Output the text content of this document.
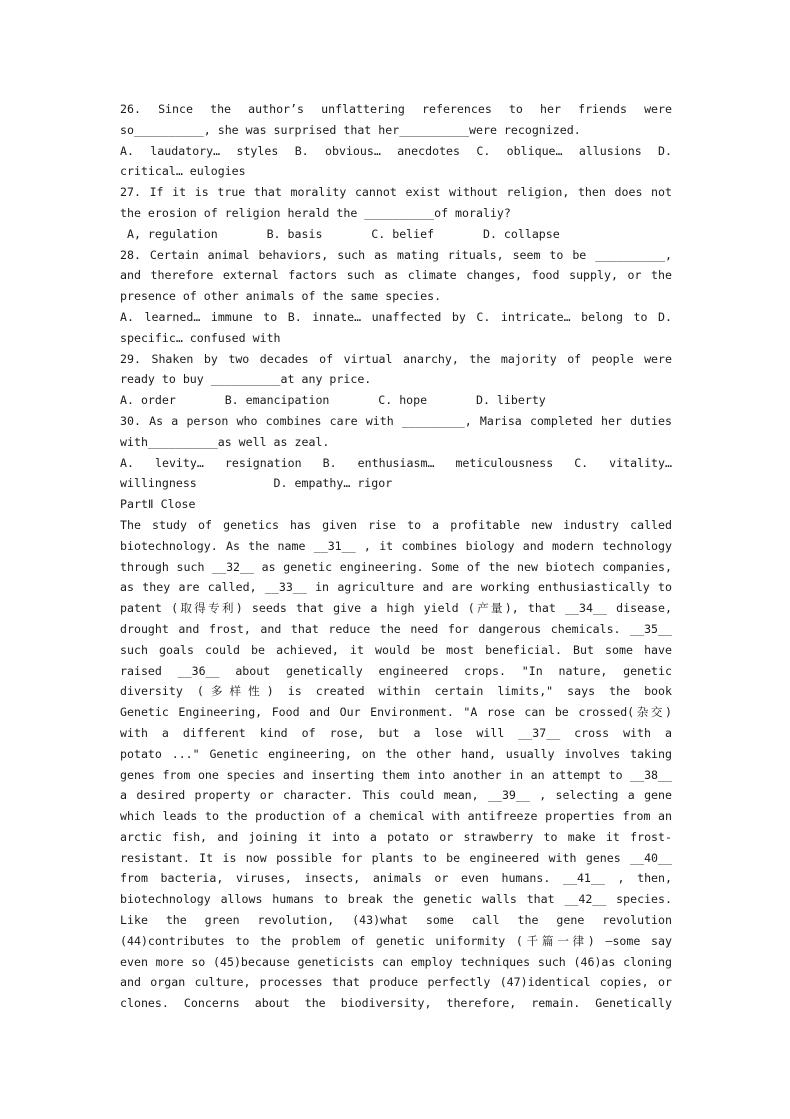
26. Since the author’s unflattering references to her friends were
so__________, she was surprised that her__________were recognized.
A. laudatory… styles B. obvious… anecdotes C. oblique… allusions D.
critical… eulogies
27. If it is true that morality cannot exist without religion, then does not
the erosion of religion herald the __________of moraliy?
A, regulation       B. basis       C. belief       D. collapse
28. Certain animal behaviors, such as mating rituals, seem to be __________,
and therefore external factors such as climate changes, food supply, or the
presence of other animals of the same species.
A. learned… immune to B. innate… unaffected by C. intricate… belong to D.
specific… confused with
29. Shaken by two decades of virtual anarchy, the majority of people were
ready to buy __________at any price.
A. order       B. emancipation       C. hope       D. liberty
30. As a person who combines care with _________, Marisa completed her duties
with__________as well as zeal.
A. levity… resignation B. enthusiasm… meticulousness C. vitality…
willingness           D. empathy… rigor
PartⅡ Close
The study of genetics has given rise to a profitable new industry called
biotechnology. As the name __31__ , it combines biology and modern technology
through such __32__ as genetic engineering. Some of the new biotech companies,
as they are called, __33__ in agriculture and are working enthusiastically to
patent (取得专利) seeds that give a high yield (产量), that __34__ disease,
drought and frost, and that reduce the need for dangerous chemicals. __35__
such goals could be achieved, it would be most beneficial. But some have
raised __36__ about genetically engineered crops. "In nature, genetic
diversity (多样性) is created within certain limits," says the book
Genetic Engineering, Food and Our Environment. "A rose can be crossed(杂交)
with a different kind of rose, but a lose will __37__ cross with a
potato ..." Genetic engineering, on the other hand, usually involves taking
genes from one species and inserting them into another in an attempt to __38__
a desired property or character. This could mean, __39__ , selecting a gene
which leads to the production of a chemical with antifreeze properties from an
arctic fish, and joining it into a potato or strawberry to make it frost-
resistant. It is now possible for plants to be engineered with genes __40__
from bacteria, viruses, insects, animals or even humans. __41__ , then,
biotechnology allows humans to break the genetic walls that __42__ species.
Like the green revolution, (43)what some call the gene revolution
(44)contributes to the problem of genetic uniformity (千篇一律) –some say
even more so (45)because geneticists can employ techniques such (46)as cloning
and organ culture, processes that produce perfectly (47)identical copies, or
clones. Concerns about the biodiversity, therefore, remain. Genetically
